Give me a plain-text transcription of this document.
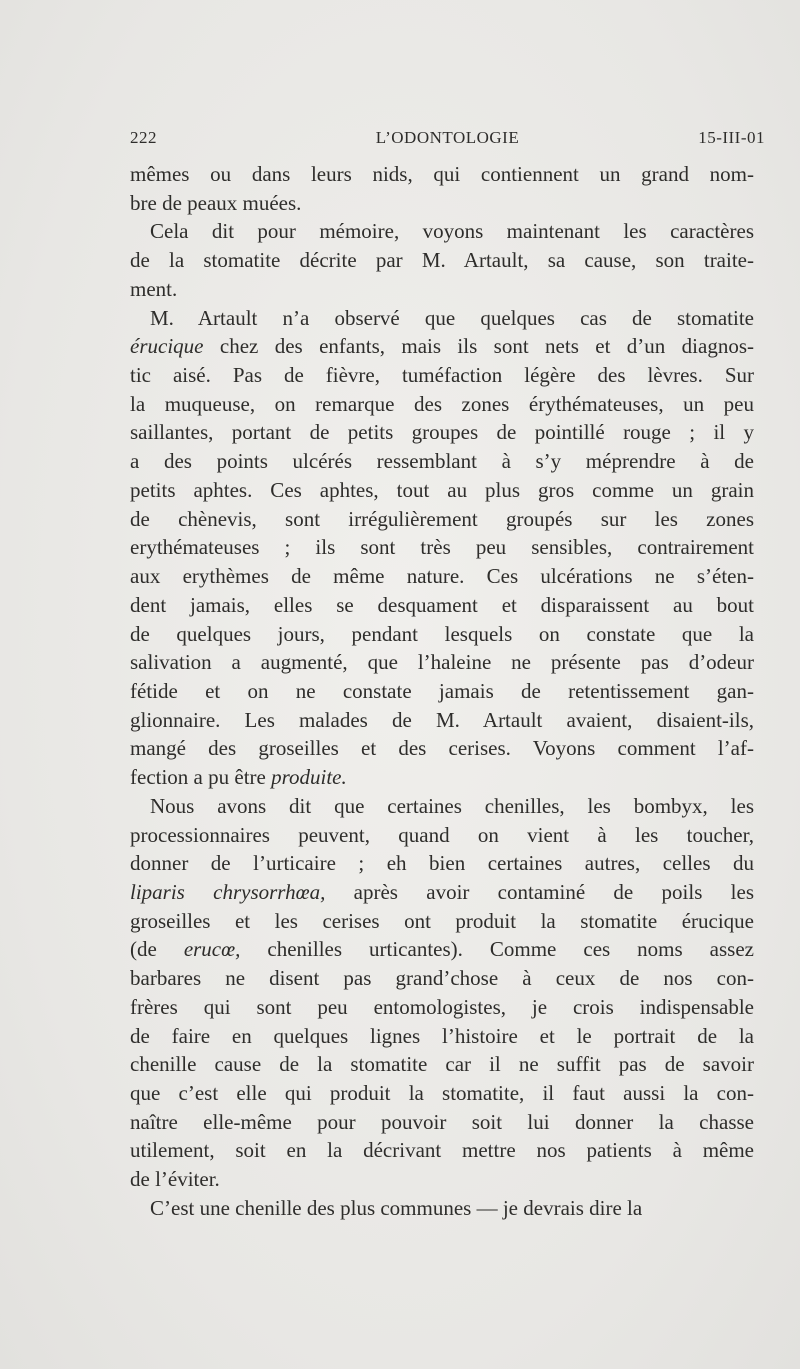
222	L’ODONTOLOGIE	15-III-01
mêmes ou dans leurs nids, qui contiennent un grand nom-
bre de peaux muées.
Cela dit pour mémoire, voyons maintenant les caractères
de la stomatite décrite par M. Artault, sa cause, son traite-
ment.
M. Artault n’a observé que quelques cas de stomatite
érucique chez des enfants, mais ils sont nets et d’un diagnos-
tic aisé. Pas de fièvre, tuméfaction légère des lèvres. Sur
la muqueuse, on remarque des zones érythémateuses, un peu
saillantes, portant de petits groupes de pointillé rouge ; il y
a des points ulcérés ressemblant à s’y méprendre à de
petits aphtes. Ces aphtes, tout au plus gros comme un grain
de chènevis, sont irrégulièrement groupés sur les zones
erythémateuses ; ils sont très peu sensibles, contrairement
aux erythèmes de même nature. Ces ulcérations ne s’éten-
dent jamais, elles se desquament et disparaissent au bout
de quelques jours, pendant lesquels on constate que la
salivation a augmenté, que l’haleine ne présente pas d’odeur
fétide et on ne constate jamais de retentissement gan-
glionnaire. Les malades de M. Artault avaient, disaient-ils,
mangé des groseilles et des cerises. Voyons comment l’af-
fection a pu être produite.
Nous avons dit que certaines chenilles, les bombyx, les
processionnaires peuvent, quand on vient à les toucher,
donner de l’urticaire ; eh bien certaines autres, celles du
liparis chrysorrhœa, après avoir contaminé de poils les
groseilles et les cerises ont produit la stomatite érucique
(de erucœ, chenilles urticantes). Comme ces noms assez
barbares ne disent pas grand’chose à ceux de nos con-
frères qui sont peu entomologistes, je crois indispensable
de faire en quelques lignes l’histoire et le portrait de la
chenille cause de la stomatite car il ne suffit pas de savoir
que c’est elle qui produit la stomatite, il faut aussi la con-
naître elle-même pour pouvoir soit lui donner la chasse
utilement, soit en la décrivant mettre nos patients à même
de l’éviter.
C’est une chenille des plus communes — je devrais dire la
